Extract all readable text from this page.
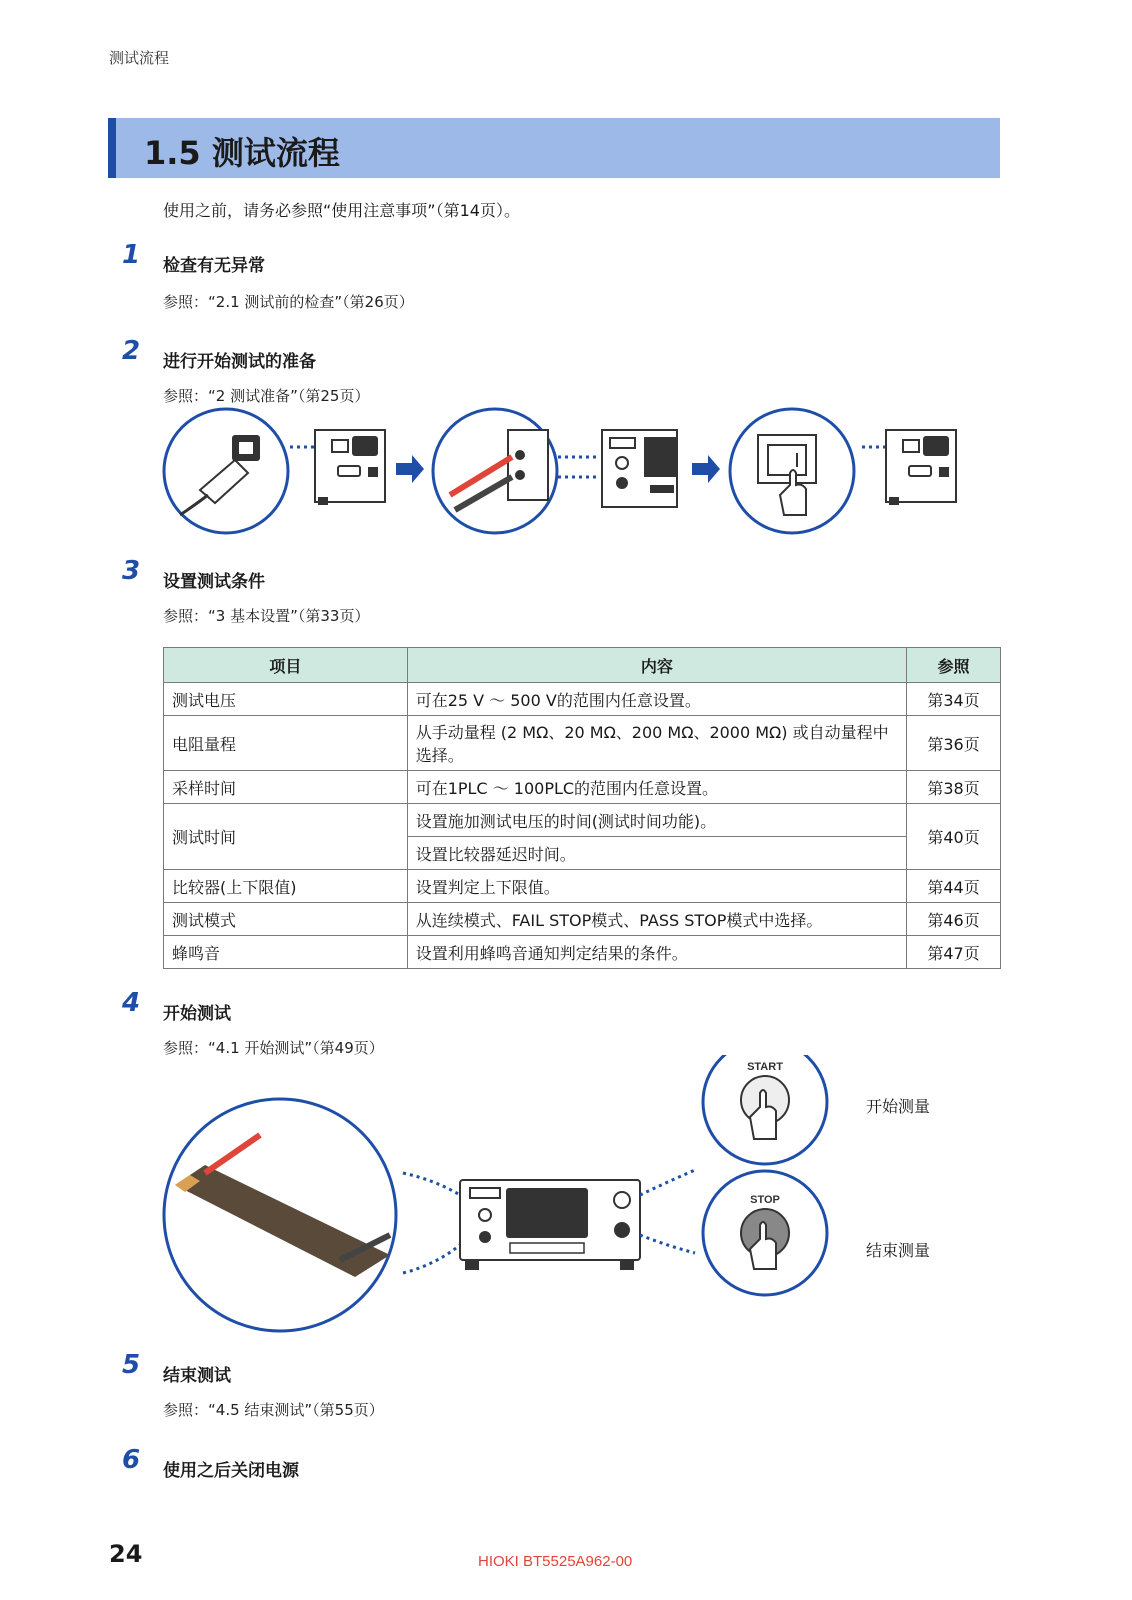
测试流程
1.5 测试流程
使用之前，请务必参照“使用注意事项”（第14页）。
1 检查有无异常
参照：“2.1 测试前的检查”（第26页）
2 进行开始测试的准备
参照：“2 测试准备”（第25页）
3 设置测试条件
参照：“3 基本设置”（第33页）
项目	内容	参照
测试电压	可在25 V ～ 500 V的范围内任意设置。	第34页
电阻量程	从手动量程 (2 MΩ、20 MΩ、200 MΩ、2000 MΩ) 或自动量程中选择。	第36页
采样时间	可在1PLC ～ 100PLC的范围内任意设置。	第38页
测试时间	设置施加测试电压的时间(测试时间功能)。	第40页
	设置比较器延迟时间。	
比较器(上下限值)	设置判定上下限值。	第44页
测试模式	从连续模式、FAIL STOP模式、PASS STOP模式中选择。	第46页
蜂鸣音	设置利用蜂鸣音通知判定结果的条件。	第47页
4 开始测试
参照：“4.1 开始测试”（第49页）
START
STOP
开始测量
结束测量
5 结束测试
参照：“4.5 结束测试”（第55页）
6 使用之后关闭电源
24	HIOKI BT5525A962-00
